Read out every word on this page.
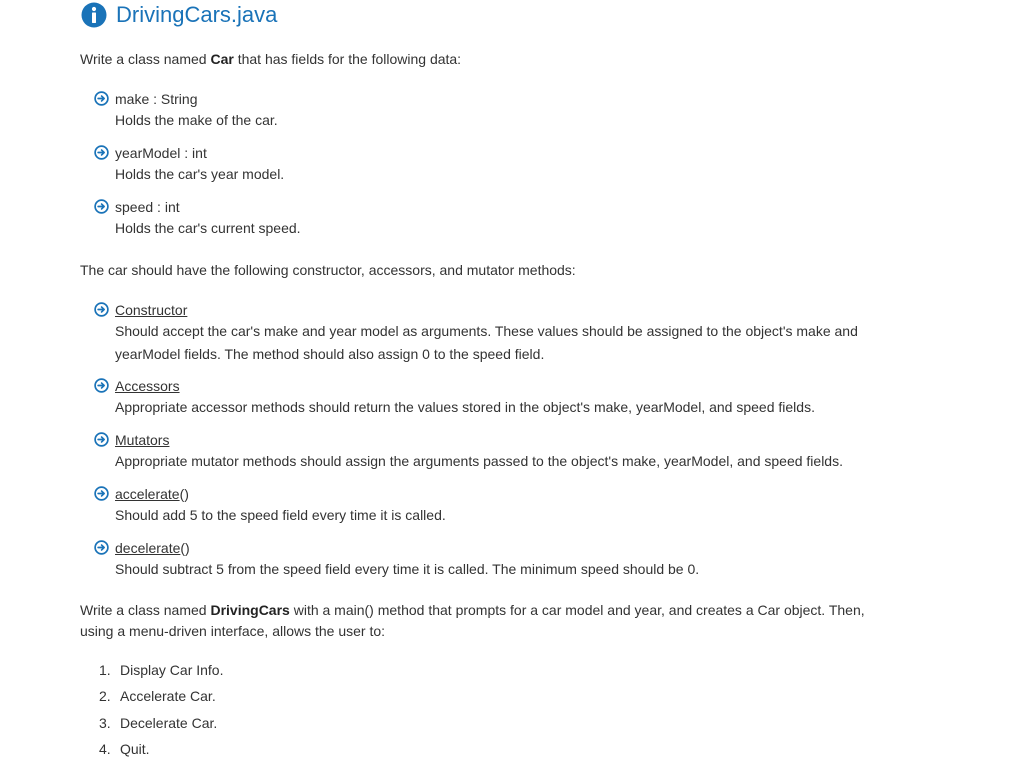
DrivingCars.java
Write a class named Car that has fields for the following data:
make : String
Holds the make of the car.
yearModel : int
Holds the car's year model.
speed : int
Holds the car's current speed.
The car should have the following constructor, accessors, and mutator methods:
Constructor
Should accept the car's make and year model as arguments. These values should be assigned to the object's make and yearModel fields. The method should also assign 0 to the speed field.
Accessors
Appropriate accessor methods should return the values stored in the object's make, yearModel, and speed fields.
Mutators
Appropriate mutator methods should assign the arguments passed to the object's make, yearModel, and speed fields.
accelerate()
Should add 5 to the speed field every time it is called.
decelerate()
Should subtract 5 from the speed field every time it is called. The minimum speed should be 0.
Write a class named DrivingCars with a main() method that prompts for a car model and year, and creates a Car object. Then, using a menu-driven interface, allows the user to:
1. Display Car Info.
2. Accelerate Car.
3. Decelerate Car.
4. Quit.
